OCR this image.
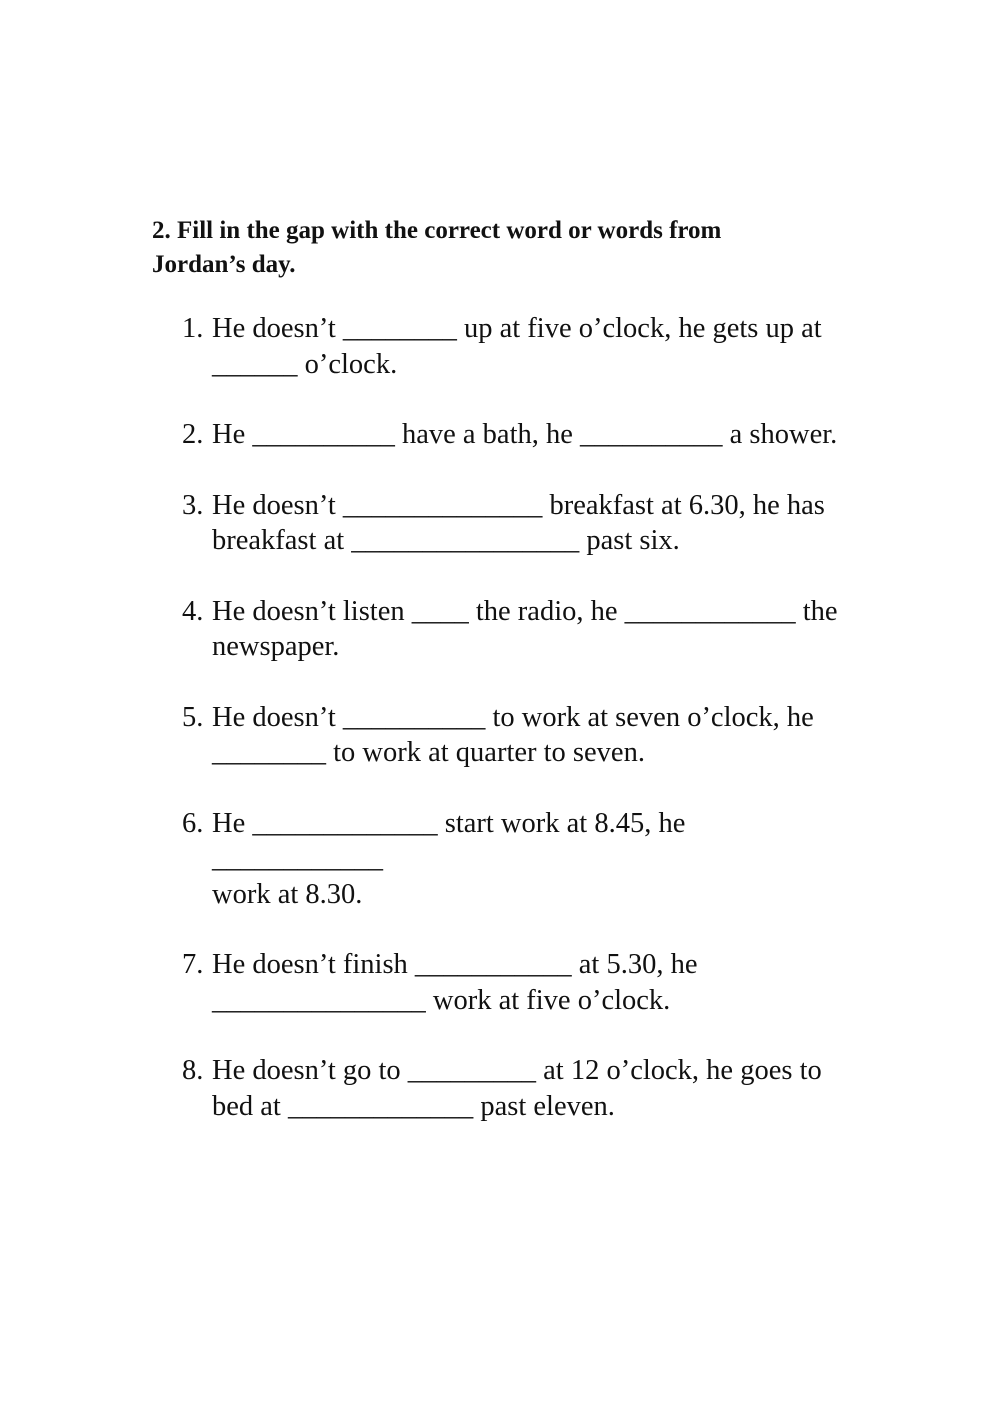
2. Fill in the gap with the correct word or words from
Jordan’s day.
1. He doesn’t ________ up at five o’clock, he gets up at
______ o’clock.
2. He __________ have a bath, he __________ a shower.
3. He doesn’t ______________ breakfast at 6.30, he has
breakfast at ________________ past six.
4. He doesn’t listen ____ the radio, he ____________ the
newspaper.
5. He doesn’t __________ to work at seven o’clock, he
________ to work at quarter to seven.
6. He _____________ start work at 8.45, he ____________
work at 8.30.
7. He doesn’t finish ___________ at 5.30, he
_______________ work at five o’clock.
8. He doesn’t go to _________ at 12 o’clock, he goes to
bed at _____________ past eleven.
